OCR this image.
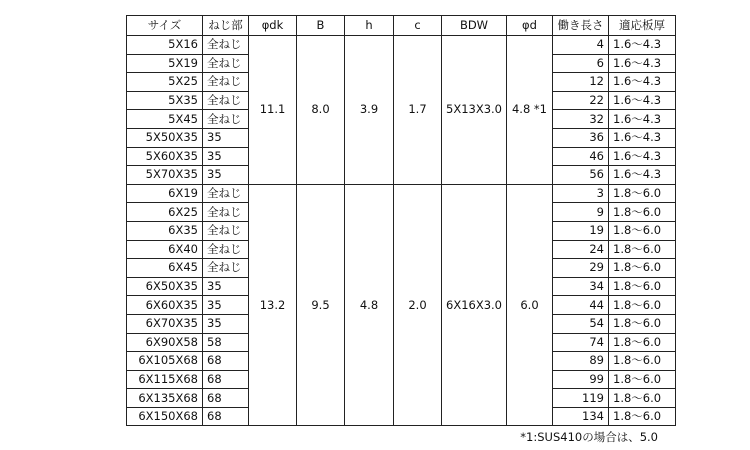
サイズ	ねじ部	φdk	B	h	c	BDW	φd	働き長さ	適応板厚
5X16	全ねじ	11.1	8.0	3.9	1.7	5X13X3.0	4.8 *1	4	1.6〜4.3
5X19	全ねじ							6	1.6〜4.3
5X25	全ねじ							12	1.6〜4.3
5X35	全ねじ							22	1.6〜4.3
5X45	全ねじ							32	1.6〜4.3
5X50X35	35							36	1.6〜4.3
5X60X35	35							46	1.6〜4.3
5X70X35	35							56	1.6〜4.3
6X19	全ねじ	13.2	9.5	4.8	2.0	6X16X3.0	6.0	3	1.8〜6.0
6X25	全ねじ							9	1.8〜6.0
6X35	全ねじ							19	1.8〜6.0
6X40	全ねじ							24	1.8〜6.0
6X45	全ねじ							29	1.8〜6.0
6X50X35	35							34	1.8〜6.0
6X60X35	35							44	1.8〜6.0
6X70X35	35							54	1.8〜6.0
6X90X58	58							74	1.8〜6.0
6X105X68	68							89	1.8〜6.0
6X115X68	68							99	1.8〜6.0
6X135X68	68							119	1.8〜6.0
6X150X68	68							134	1.8〜6.0
*1:SUS410の場合は、5.0
